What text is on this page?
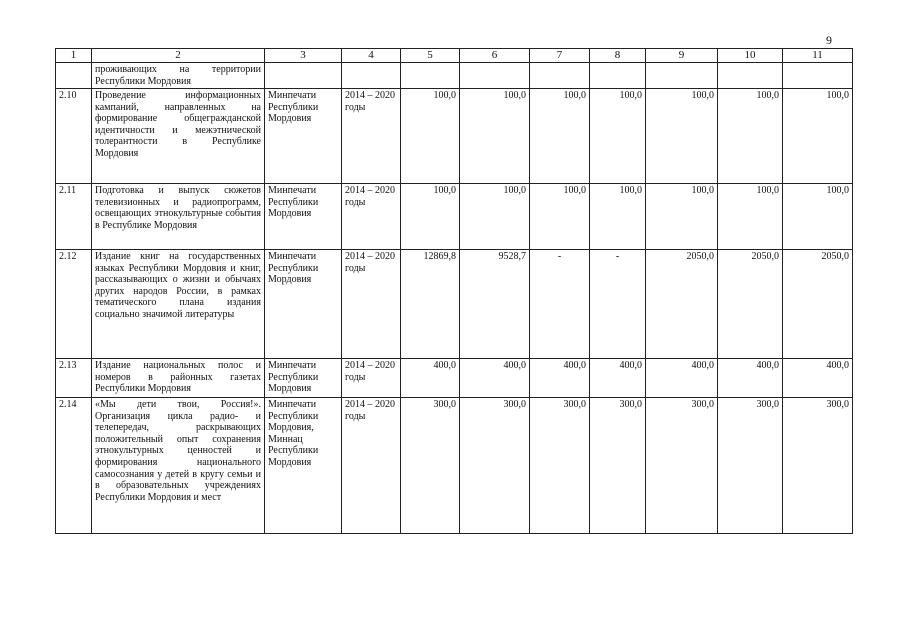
9
1	2	3	4	5	6	7	8	9	10	11
	проживающих на территории Республики Мордовия									
2.10	Проведение информационных кампаний, направленных на формирование общегражданской идентичности и межэтнической толерантности в Республике Мордовия	Минпечати Республики Мордовия	2014 – 2020 годы	100,0	100,0	100,0	100,0	100,0	100,0	100,0
2.11	Подготовка и выпуск сюжетов телевизионных и радиопрограмм, освещающих этнокультурные события в Республике Мордовия	Минпечати Республики Мордовия	2014 – 2020 годы	100,0	100,0	100,0	100,0	100,0	100,0	100,0
2.12	Издание книг на государственных языках Республики Мордовия и книг, рассказывающих о жизни и обычаях других народов России, в рамках тематического плана издания социально значимой литературы	Минпечати Республики Мордовия	2014 – 2020 годы	12869,8	9528,7	-	-	2050,0	2050,0	2050,0
2.13	Издание национальных полос и номеров в районных газетах Республики Мордовия	Минпечати Республики Мордовия	2014 – 2020 годы	400,0	400,0	400,0	400,0	400,0	400,0	400,0
2.14	«Мы дети твои, Россия!». Организация цикла радио- и телепередач, раскрывающих положительный опыт сохранения этнокультурных ценностей и формирования национального самосознания у детей в кругу семьи и в образовательных учреждениях Республики Мордовия и мест	Минпечати Республики Мордовия, Миннац Республики Мордовия	2014 – 2020 годы	300,0	300,0	300,0	300,0	300,0	300,0	300,0
